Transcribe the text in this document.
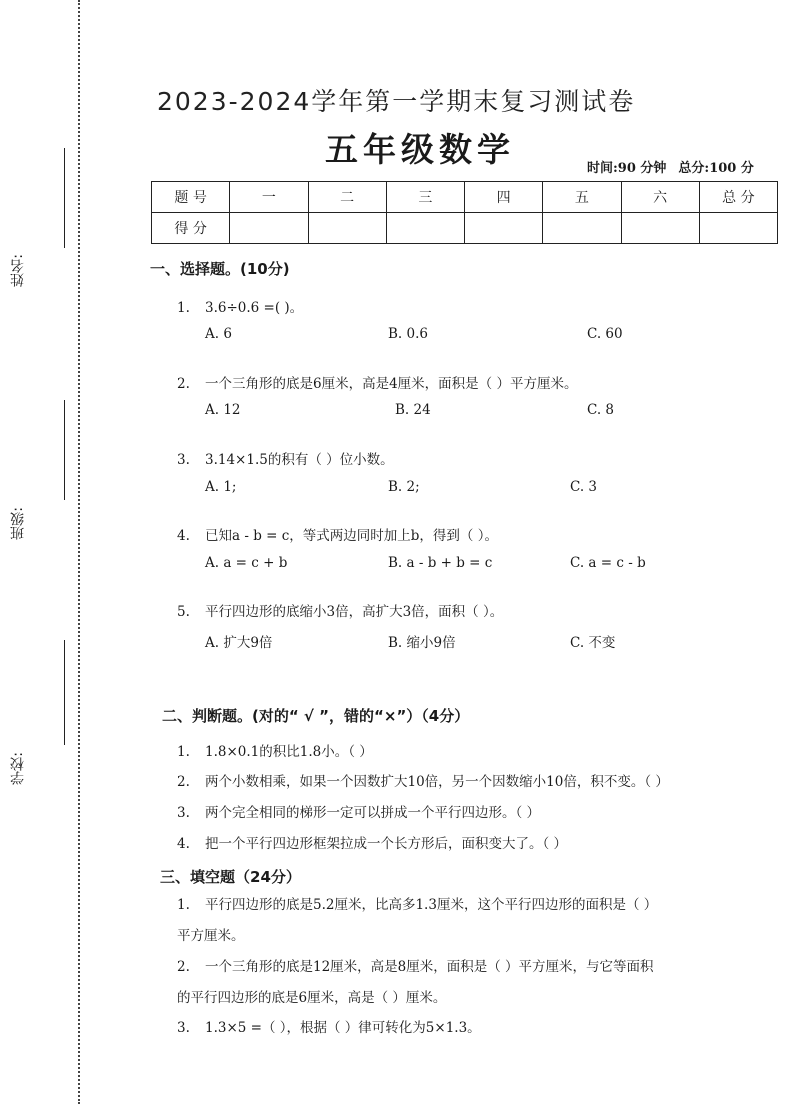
姓名:
班级:
学校:
2023-2024学年第一学期末复习测试卷
五年级数学	时间:90 分钟 总分:100 分
题 号	一	二	三	四	五	六	总 分
得 分							
一、选择题。(10分)
1. 3.6÷0.6 =( )。
A. 6	B. 0.6	C. 60
2. 一个三角形的底是6厘米，高是4厘米，面积是（ ）平方厘米。
A. 12	B. 24	C. 8
3. 3.14×1.5的积有（ ）位小数。
A. 1;	B. 2;	C. 3
4. 已知a - b = c，等式两边同时加上b，得到（ ）。
A. a = c + b	B. a - b + b = c	C. a = c - b
5. 平行四边形的底缩小3倍，高扩大3倍，面积（ ）。
A. 扩大9倍	B. 缩小9倍	C. 不变
二、判断题。(对的“ √ ”，错的“×”）（4分）
1. 1.8×0.1的积比1.8小。（ ）
2. 两个小数相乘，如果一个因数扩大10倍，另一个因数缩小10倍，积不变。（ ）
3. 两个完全相同的梯形一定可以拼成一个平行四边形。（ ）
4. 把一个平行四边形框架拉成一个长方形后，面积变大了。（ ）
三、填空题（24分）
1. 平行四边形的底是5.2厘米，比高多1.3厘米，这个平行四边形的面积是（ ）
平方厘米。
2. 一个三角形的底是12厘米，高是8厘米，面积是（ ）平方厘米，与它等面积
的平行四边形的底是6厘米，高是（ ）厘米。
3. 1.3×5 =（ ），根据（ ）律可转化为5×1.3。
